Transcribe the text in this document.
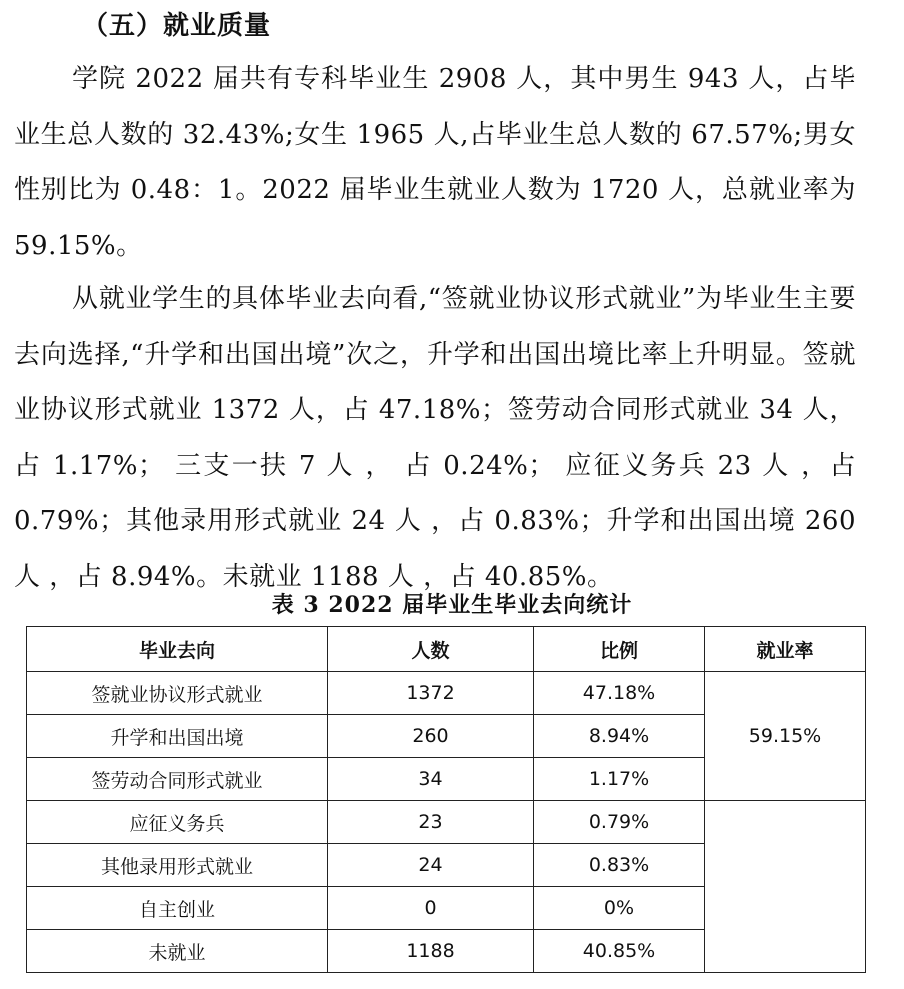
（五）就业质量

学院 2022 届共有专科毕业生 2908 人，其中男生 943 人，占毕业生总人数的 32.43%;女生 1965 人,占毕业生总人数的 67.57%;男女性别比为 0.48：1。2022 届毕业生就业人数为 1720 人，总就业率为 59.15%。

从就业学生的具体毕业去向看,“签就业协议形式就业”为毕业生主要去向选择,“升学和出国出境”次之，升学和出国出境比率上升明显。签就业协议形式就业 1372 人，占 47.18%；签劳动合同形式就业 34 人，占 1.17%； 三支一扶 7 人 ， 占 0.24%； 应征义务兵 23 人 ，占 0.79%；其他录用形式就业 24 人 ，占 0.83%；升学和出国出境 260 人 ，占 8.94%。未就业 1188 人 ，占 40.85%。

表 3 2022 届毕业生毕业去向统计
毕业去向	人数	比例	就业率
签就业协议形式就业	1372	47.18%	59.15%
升学和出国出境	260	8.94%	
签劳动合同形式就业	34	1.17%	
应征义务兵	23	0.79%	
其他录用形式就业	24	0.83%	
自主创业	0	0%	
未就业	1188	40.85%	
